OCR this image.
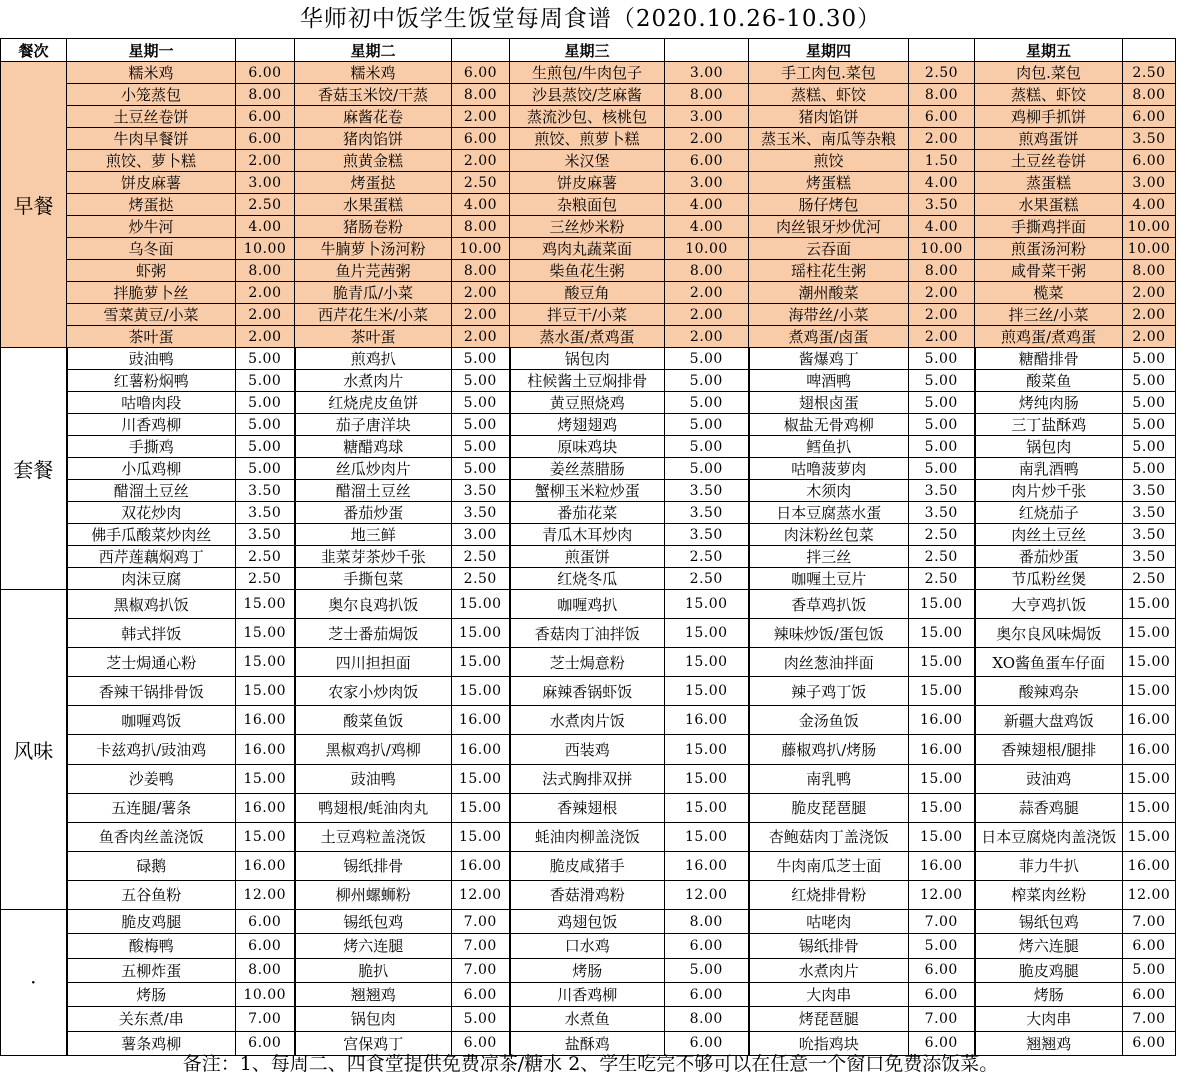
华师初中饭学生饭堂每周食谱（2020.10.26-10.30）
餐次	星期一		星期二		星期三		星期四		星期五	
早餐	糯米鸡	6.00	糯米鸡	6.00	生煎包/牛肉包子	3.00	手工肉包.菜包	2.50	肉包.菜包	2.50
	小笼蒸包	8.00	香菇玉米饺/干蒸	8.00	沙县蒸饺/芝麻酱	8.00	蒸糕、虾饺	8.00	蒸糕、虾饺	8.00
	土豆丝卷饼	6.00	麻酱花卷	2.00	蒸流沙包、核桃包	3.00	猪肉馅饼	6.00	鸡柳手抓饼	6.00
	牛肉早餐饼	6.00	猪肉馅饼	6.00	煎饺、煎萝卜糕	2.00	蒸玉米、南瓜等杂粮	2.00	煎鸡蛋饼	3.50
	煎饺、萝卜糕	2.00	煎黄金糕	2.00	米汉堡	6.00	煎饺	1.50	土豆丝卷饼	6.00
	饼皮麻薯	3.00	烤蛋挞	2.50	饼皮麻薯	3.00	烤蛋糕	4.00	蒸蛋糕	3.00
	烤蛋挞	2.50	水果蛋糕	4.00	杂粮面包	4.00	肠仔烤包	3.50	水果蛋糕	4.00
	炒牛河	4.00	猪肠卷粉	8.00	三丝炒米粉	4.00	肉丝银牙炒优河	4.00	手撕鸡拌面	10.00
	乌冬面	10.00	牛腩萝卜汤河粉	10.00	鸡肉丸蔬菜面	10.00	云吞面	10.00	煎蛋汤河粉	10.00
	虾粥	8.00	鱼片芫茜粥	8.00	柴鱼花生粥	8.00	瑶柱花生粥	8.00	咸骨菜干粥	8.00
	拌脆萝卜丝	2.00	脆青瓜/小菜	2.00	酸豆角	2.00	潮州酸菜	2.00	榄菜	2.00
	雪菜黄豆/小菜	2.00	西芹花生米/小菜	2.00	拌豆干/小菜	2.00	海带丝/小菜	2.00	拌三丝/小菜	2.00
	茶叶蛋	2.00	茶叶蛋	2.00	蒸水蛋/煮鸡蛋	2.00	煮鸡蛋/卤蛋	2.00	煎鸡蛋/煮鸡蛋	2.00
套餐	豉油鸭	5.00	煎鸡扒	5.00	锅包肉	5.00	酱爆鸡丁	5.00	糖醋排骨	5.00
	红薯粉焖鸭	5.00	水煮肉片	5.00	柱候酱土豆焖排骨	5.00	啤酒鸭	5.00	酸菜鱼	5.00
	咕噜肉段	5.00	红烧虎皮鱼饼	5.00	黄豆照烧鸡	5.00	翅根卤蛋	5.00	烤纯肉肠	5.00
	川香鸡柳	5.00	茄子唐洋块	5.00	烤翅翅鸡	5.00	椒盐无骨鸡柳	5.00	三丁盐酥鸡	5.00
	手撕鸡	5.00	糖醋鸡球	5.00	原味鸡块	5.00	鳕鱼扒	5.00	锅包肉	5.00
	小瓜鸡柳	5.00	丝瓜炒肉片	5.00	姜丝蒸腊肠	5.00	咕噜菠萝肉	5.00	南乳酒鸭	5.00
	醋溜土豆丝	3.50	醋溜土豆丝	3.50	蟹柳玉米粒炒蛋	3.50	木须肉	3.50	肉片炒千张	3.50
	双花炒肉	3.50	番茄炒蛋	3.50	番茄花菜	3.50	日本豆腐蒸水蛋	3.50	红烧茄子	3.50
	佛手瓜酸菜炒肉丝	3.50	地三鲜	3.00	青瓜木耳炒肉	3.50	肉沫粉丝包菜	2.50	肉丝土豆丝	3.50
	西芹莲藕焖鸡丁	2.50	韭菜芽茶炒千张	2.50	煎蛋饼	2.50	拌三丝	2.50	番茄炒蛋	3.50
	肉沫豆腐	2.50	手撕包菜	2.50	红烧冬瓜	2.50	咖喱土豆片	2.50	节瓜粉丝煲	2.50
风味	黑椒鸡扒饭	15.00	奥尔良鸡扒饭	15.00	咖喱鸡扒	15.00	香草鸡扒饭	15.00	大亨鸡扒饭	15.00
	韩式拌饭	15.00	芝士番茄焗饭	15.00	香菇肉丁油拌饭	15.00	辣味炒饭/蛋包饭	15.00	奥尔良风味焗饭	15.00
	芝士焗通心粉	15.00	四川担担面	15.00	芝士焗意粉	15.00	肉丝葱油拌面	15.00	XO酱鱼蛋车仔面	15.00
	香辣干锅排骨饭	15.00	农家小炒肉饭	15.00	麻辣香锅虾饭	15.00	辣子鸡丁饭	15.00	酸辣鸡杂	15.00
	咖喱鸡饭	16.00	酸菜鱼饭	16.00	水煮肉片饭	16.00	金汤鱼饭	16.00	新疆大盘鸡饭	16.00
	卡兹鸡扒/豉油鸡	16.00	黑椒鸡扒/鸡柳	16.00	西装鸡	15.00	藤椒鸡扒/烤肠	16.00	香辣翅根/腿排	16.00
	沙姜鸭	15.00	豉油鸭	15.00	法式胸排双拼	15.00	南乳鸭	15.00	豉油鸡	15.00
	五连腿/薯条	16.00	鸭翅根/蚝油肉丸	15.00	香辣翅根	15.00	脆皮琵琶腿	15.00	蒜香鸡腿	15.00
	鱼香肉丝盖浇饭	15.00	土豆鸡粒盖浇饭	15.00	蚝油肉柳盖浇饭	15.00	杏鲍菇肉丁盖浇饭	15.00	日本豆腐烧肉盖浇饭	15.00
	碌鹅	16.00	锡纸排骨	16.00	脆皮咸猪手	16.00	牛肉南瓜芝士面	16.00	菲力牛扒	16.00
	五谷鱼粉	12.00	柳州螺蛳粉	12.00	香菇滑鸡粉	12.00	红烧排骨粉	12.00	榨菜肉丝粉	12.00
·	脆皮鸡腿	6.00	锡纸包鸡	7.00	鸡翅包饭	8.00	咕咾肉	7.00	锡纸包鸡	7.00
	酸梅鸭	6.00	烤六连腿	7.00	口水鸡	6.00	锡纸排骨	5.00	烤六连腿	6.00
	五柳炸蛋	8.00	脆扒	7.00	烤肠	5.00	水煮肉片	6.00	脆皮鸡腿	5.00
	烤肠	10.00	翘翘鸡	6.00	川香鸡柳	6.00	大肉串	6.00	烤肠	6.00
	关东煮/串	7.00	锅包肉	5.00	水煮鱼	8.00	烤琵琶腿	7.00	大肉串	7.00
	薯条鸡柳	6.00	宫保鸡丁	6.00	盐酥鸡	6.00	吮指鸡块	6.00	翘翘鸡	6.00
备注：1、每周二、四食堂提供免费凉茶/糖水 2、学生吃完不够可以在任意一个窗口免费添饭菜。
